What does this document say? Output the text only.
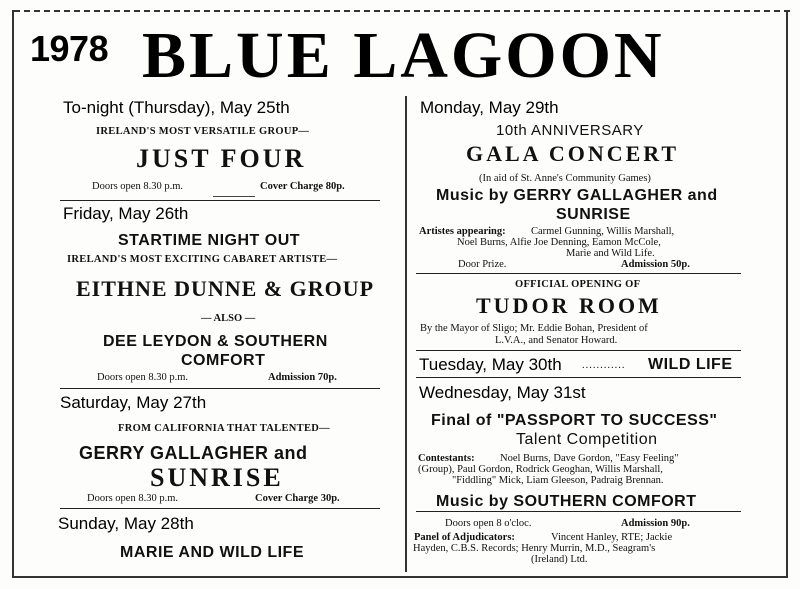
1978 BLUE LAGOON
To-night (Thursday), May 25th
IRELAND'S MOST VERSATILE GROUP—
JUST FOUR
Doors open 8.30 p.m.	Cover Charge 80p.
Friday, May 26th
STARTIME NIGHT OUT
IRELAND'S MOST EXCITING CABARET ARTISTE—
EITHNE DUNNE & GROUP
— ALSO —
DEE LEYDON & SOUTHERN
COMFORT
Doors open 8.30 p.m.	Admission 70p.
Saturday, May 27th
FROM CALIFORNIA THAT TALENTED—
GERRY GALLAGHER and
SUNRISE
Doors open 8.30 p.m.	Cover Charge 30p.
Sunday, May 28th
MARIE AND WILD LIFE
Monday, May 29th
10th ANNIVERSARY
GALA CONCERT
(In aid of St. Anne's Community Games)
Music by GERRY GALLAGHER and
SUNRISE
Artistes appearing: Carmel Gunning, Willis Marshall,
Noel Burns, Alfie Joe Denning, Eamon McCole,
Marie and Wild Life.
Door Prize.	Admission 50p.
OFFICIAL OPENING OF
TUDOR ROOM
By the Mayor of Sligo; Mr. Eddie Bohan, President of
L.V.A., and Senator Howard.
Tuesday, May 30th ............ WILD LIFE
Wednesday, May 31st
Final of "PASSPORT TO SUCCESS"
Talent Competition
Contestants: Noel Burns, Dave Gordon, "Easy Feeling"
(Group), Paul Gordon, Rodrick Geoghan, Willis Marshall,
"Fiddling" Mick, Liam Gleeson, Padraig Brennan.
Music by SOUTHERN COMFORT
Doors open 8 o'cloc.	Admission 90p.
Panel of Adjudicators:	Vincent Hanley, RTE; Jackie
Hayden, C.B.S. Records; Henry Murrin, M.D., Seagram's
(Ireland) Ltd.
